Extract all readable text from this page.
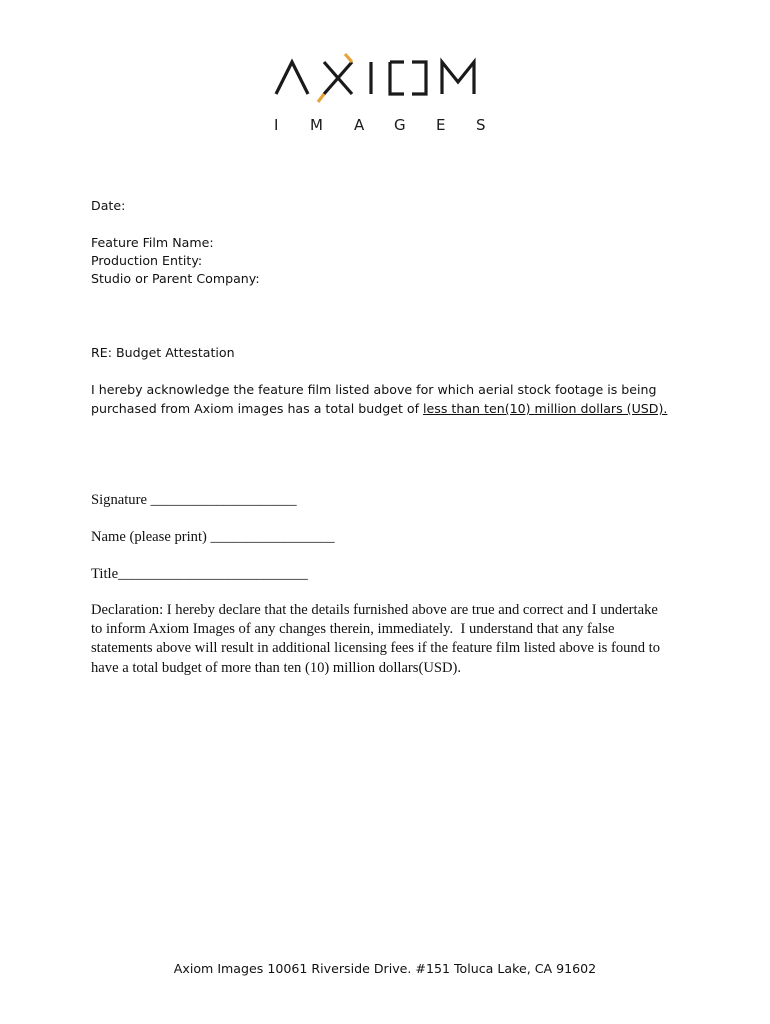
I M A G E S
Date:
Feature Film Name:
Production Entity:
Studio or Parent Company:
RE: Budget Attestation
I hereby acknowledge the feature film listed above for which aerial stock footage is being
purchased from Axiom images has a total budget of less than ten(10) million dollars (USD).
Signature ____________________
Name (please print) _________________
Title__________________________
Declaration: I hereby declare that the details furnished above are true and correct and I undertake
to inform Axiom Images of any changes therein, immediately.  I understand that any false
statements above will result in additional licensing fees if the feature film listed above is found to
have a total budget of more than ten (10) million dollars(USD).
Axiom Images 10061 Riverside Drive. #151 Toluca Lake, CA 91602
